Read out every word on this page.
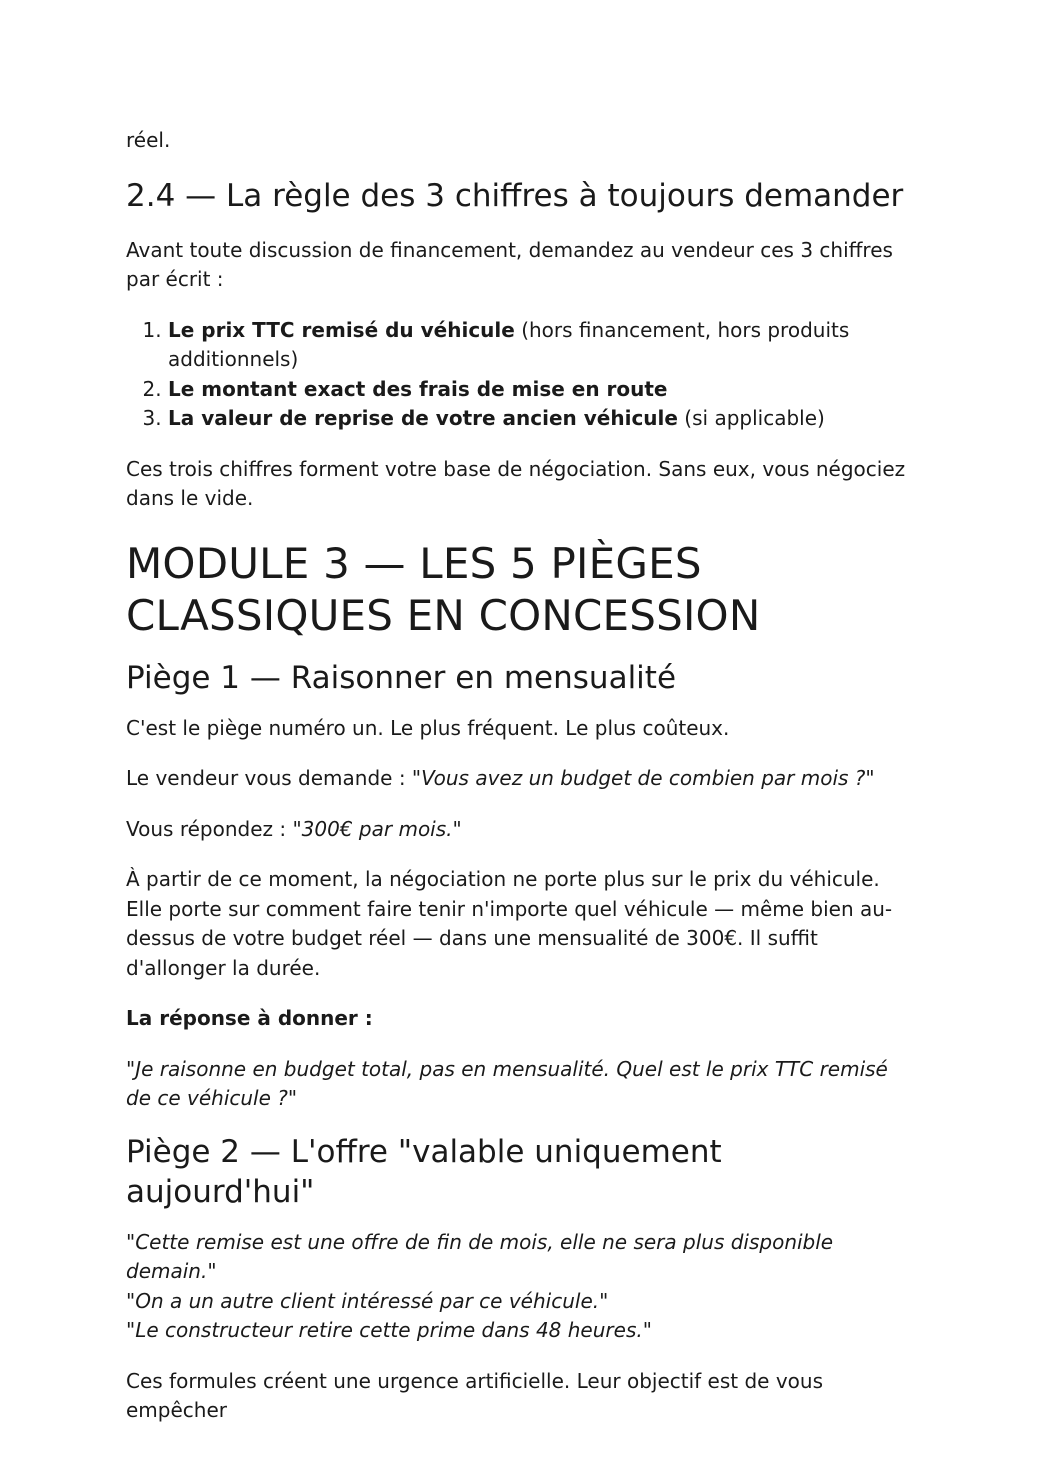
réel.

2.4 — La règle des 3 chiffres à toujours demander

Avant toute discussion de financement, demandez au vendeur ces 3 chiffres par écrit :

1. Le prix TTC remisé du véhicule (hors financement, hors produits additionnels)
2. Le montant exact des frais de mise en route
3. La valeur de reprise de votre ancien véhicule (si applicable)

Ces trois chiffres forment votre base de négociation. Sans eux, vous négociez dans le vide.

MODULE 3 — LES 5 PIÈGES CLASSIQUES EN CONCESSION
Piège 1 — Raisonner en mensualité

C'est le piège numéro un. Le plus fréquent. Le plus coûteux.

Le vendeur vous demande : "Vous avez un budget de combien par mois ?"

Vous répondez : "300€ par mois."

À partir de ce moment, la négociation ne porte plus sur le prix du véhicule. Elle porte sur comment faire tenir n'importe quel véhicule — même bien au-dessus de votre budget réel — dans une mensualité de 300€. Il suffit d'allonger la durée.

La réponse à donner :

"Je raisonne en budget total, pas en mensualité. Quel est le prix TTC remisé de ce véhicule ?"

Piège 2 — L'offre "valable uniquement aujourd'hui"

"Cette remise est une offre de fin de mois, elle ne sera plus disponible demain."
"On a un autre client intéressé par ce véhicule."
"Le constructeur retire cette prime dans 48 heures."

Ces formules créent une urgence artificielle. Leur objectif est de vous empêcher
